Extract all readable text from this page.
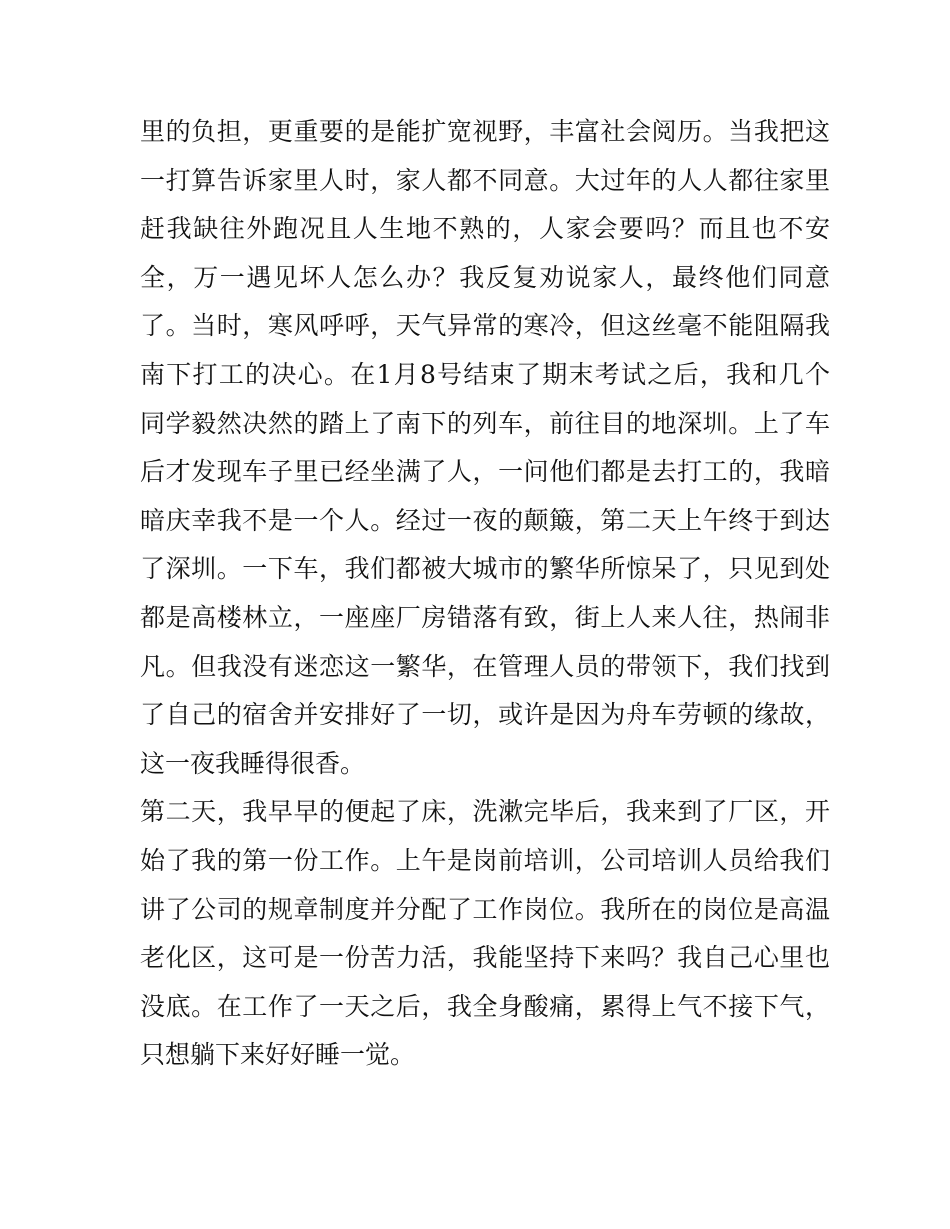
里的负担，更重要的是能扩宽视野，丰富社会阅历。当我把这
一打算告诉家里人时，家人都不同意。大过年的人人都往家里
赶我缺往外跑况且人生地不熟的，人家会要吗？而且也不安
全，万一遇见坏人怎么办？我反复劝说家人，最终他们同意
了。当时，寒风呼呼，天气异常的寒冷，但这丝毫不能阻隔我
南下打工的决心。在1月8号结束了期末考试之后，我和几个
同学毅然决然的踏上了南下的列车，前往目的地深圳。上了车
后才发现车子里已经坐满了人，一问他们都是去打工的，我暗
暗庆幸我不是一个人。经过一夜的颠簸，第二天上午终于到达
了深圳。一下车，我们都被大城市的繁华所惊呆了，只见到处
都是高楼林立，一座座厂房错落有致，街上人来人往，热闹非
凡。但我没有迷恋这一繁华，在管理人员的带领下，我们找到
了自己的宿舍并安排好了一切，或许是因为舟车劳顿的缘故，
这一夜我睡得很香。
第二天，我早早的便起了床，洗漱完毕后，我来到了厂区，开
始了我的第一份工作。上午是岗前培训，公司培训人员给我们
讲了公司的规章制度并分配了工作岗位。我所在的岗位是高温
老化区，这可是一份苦力活，我能坚持下来吗？我自己心里也
没底。在工作了一天之后，我全身酸痛，累得上气不接下气，
只想躺下来好好睡一觉。
